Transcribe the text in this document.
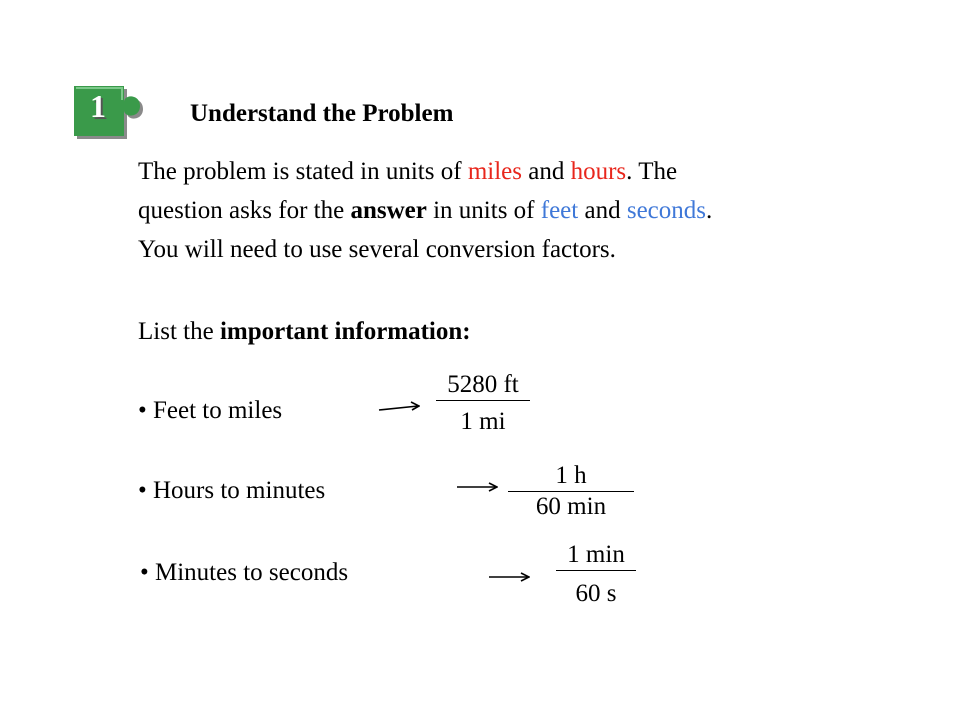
1	Understand the Problem
The problem is stated in units of miles and hours. The
question asks for the answer in units of feet and seconds.
You will need to use several conversion factors.
List the important information:
• Feet to miles
5280 ft
1 mi
• Hours to minutes
1 h
60 min
• Minutes to seconds
1 min
60 s
